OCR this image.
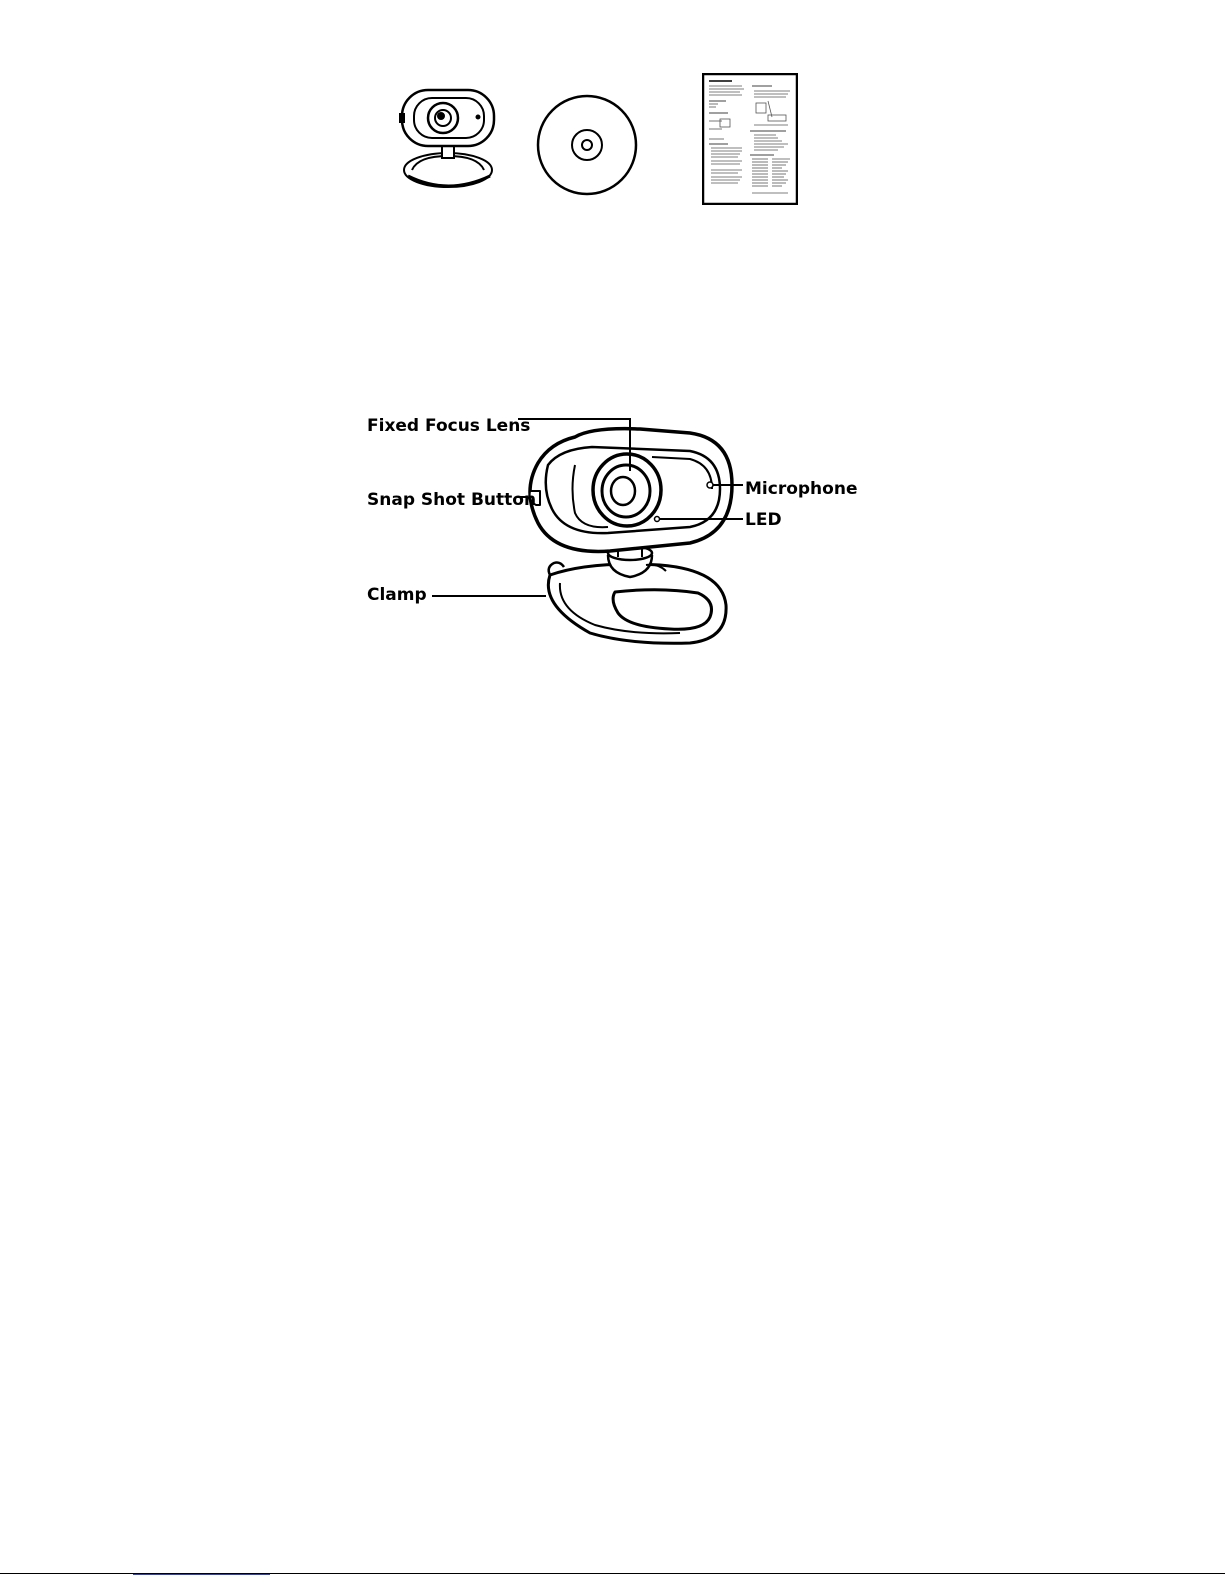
Fixed Focus Lens
Snap Shot Button
Microphone
LED
Clamp
